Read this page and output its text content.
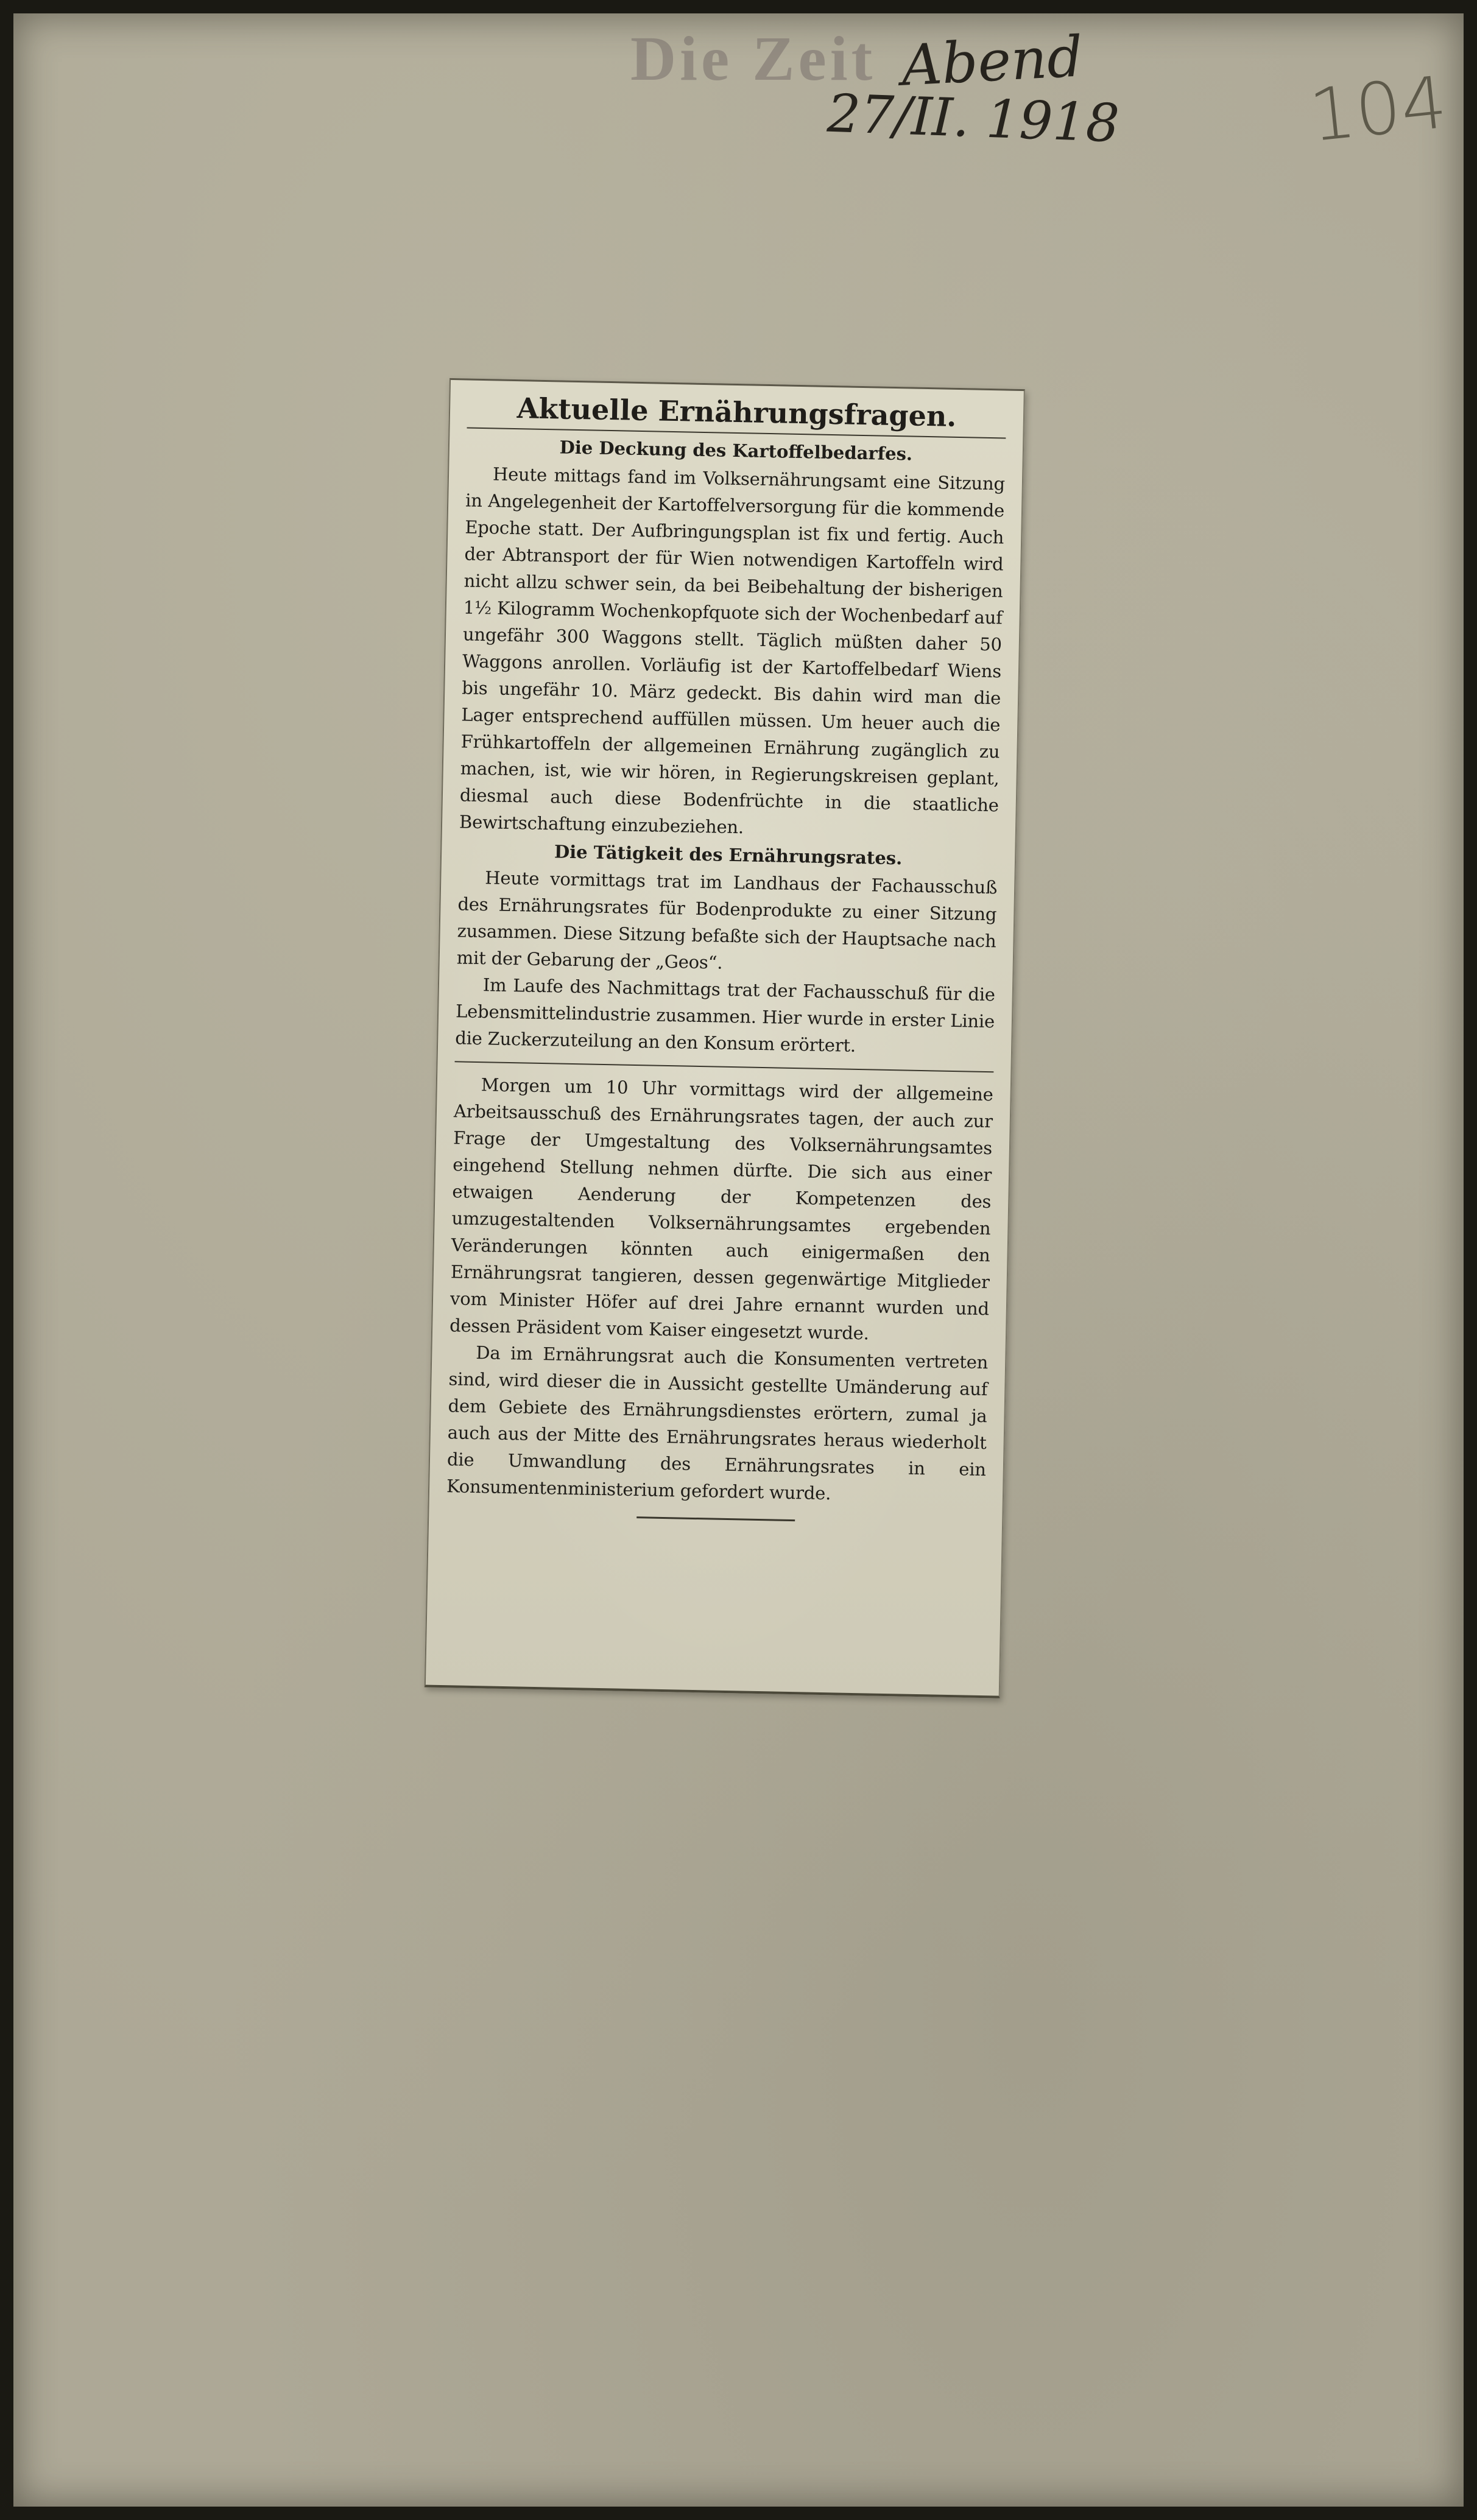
Die Zeit Abend
27/II. 1918	104
Aktuelle Ernährungsfragen.
Die Deckung des Kartoffelbedarfes.

Heute mittags fand im Volksernährungsamt eine Sitzung in Angelegenheit der Kartoffelversorgung für die kommende Epoche statt. Der Aufbringungsplan ist fix und fertig. Auch der Abtransport der für Wien notwendigen Kartoffeln wird nicht allzu schwer sein, da bei Beibehaltung der bisherigen 1½ Kilogramm Wochenkopfquote sich der Wochenbedarf auf ungefähr 300 Waggons stellt. Täglich müßten daher 50 Waggons anrollen. Vorläufig ist der Kartoffelbedarf Wiens bis ungefähr 10. März gedeckt. Bis dahin wird man die Lager entsprechend auffüllen müssen. Um heuer auch die Frühkartoffeln der allgemeinen Ernährung zugänglich zu machen, ist, wie wir hören, in Regierungskreisen geplant, diesmal auch diese Bodenfrüchte in die staatliche Bewirtschaftung einzubeziehen.

Die Tätigkeit des Ernährungsrates.

Heute vormittags trat im Landhaus der Fachausschuß des Ernährungsrates für Bodenprodukte zu einer Sitzung zusammen. Diese Sitzung befaßte sich der Hauptsache nach mit der Gebarung der „Geos“.

Im Laufe des Nachmittags trat der Fachausschuß für die Lebensmittelindustrie zusammen. Hier wurde in erster Linie die Zuckerzuteilung an den Konsum erörtert.

Morgen um 10 Uhr vormittags wird der allgemeine Arbeitsausschuß des Ernährungsrates tagen, der auch zur Frage der Umgestaltung des Volksernährungsamtes eingehend Stellung nehmen dürfte. Die sich aus einer etwaigen Aenderung der Kompetenzen des umzugestaltenden Volksernährungsamtes ergebenden Veränderungen könnten auch einigermaßen den Ernährungsrat tangieren, dessen gegenwärtige Mitglieder vom Minister Höfer auf drei Jahre ernannt wurden und dessen Präsident vom Kaiser eingesetzt wurde.

Da im Ernährungsrat auch die Konsumenten vertreten sind, wird dieser die in Aussicht gestellte Umänderung auf dem Gebiete des Ernährungsdienstes erörtern, zumal ja auch aus der Mitte des Ernährungsrates heraus wiederholt die Umwandlung des Ernährungsrates in ein Konsumentenministerium gefordert wurde.
